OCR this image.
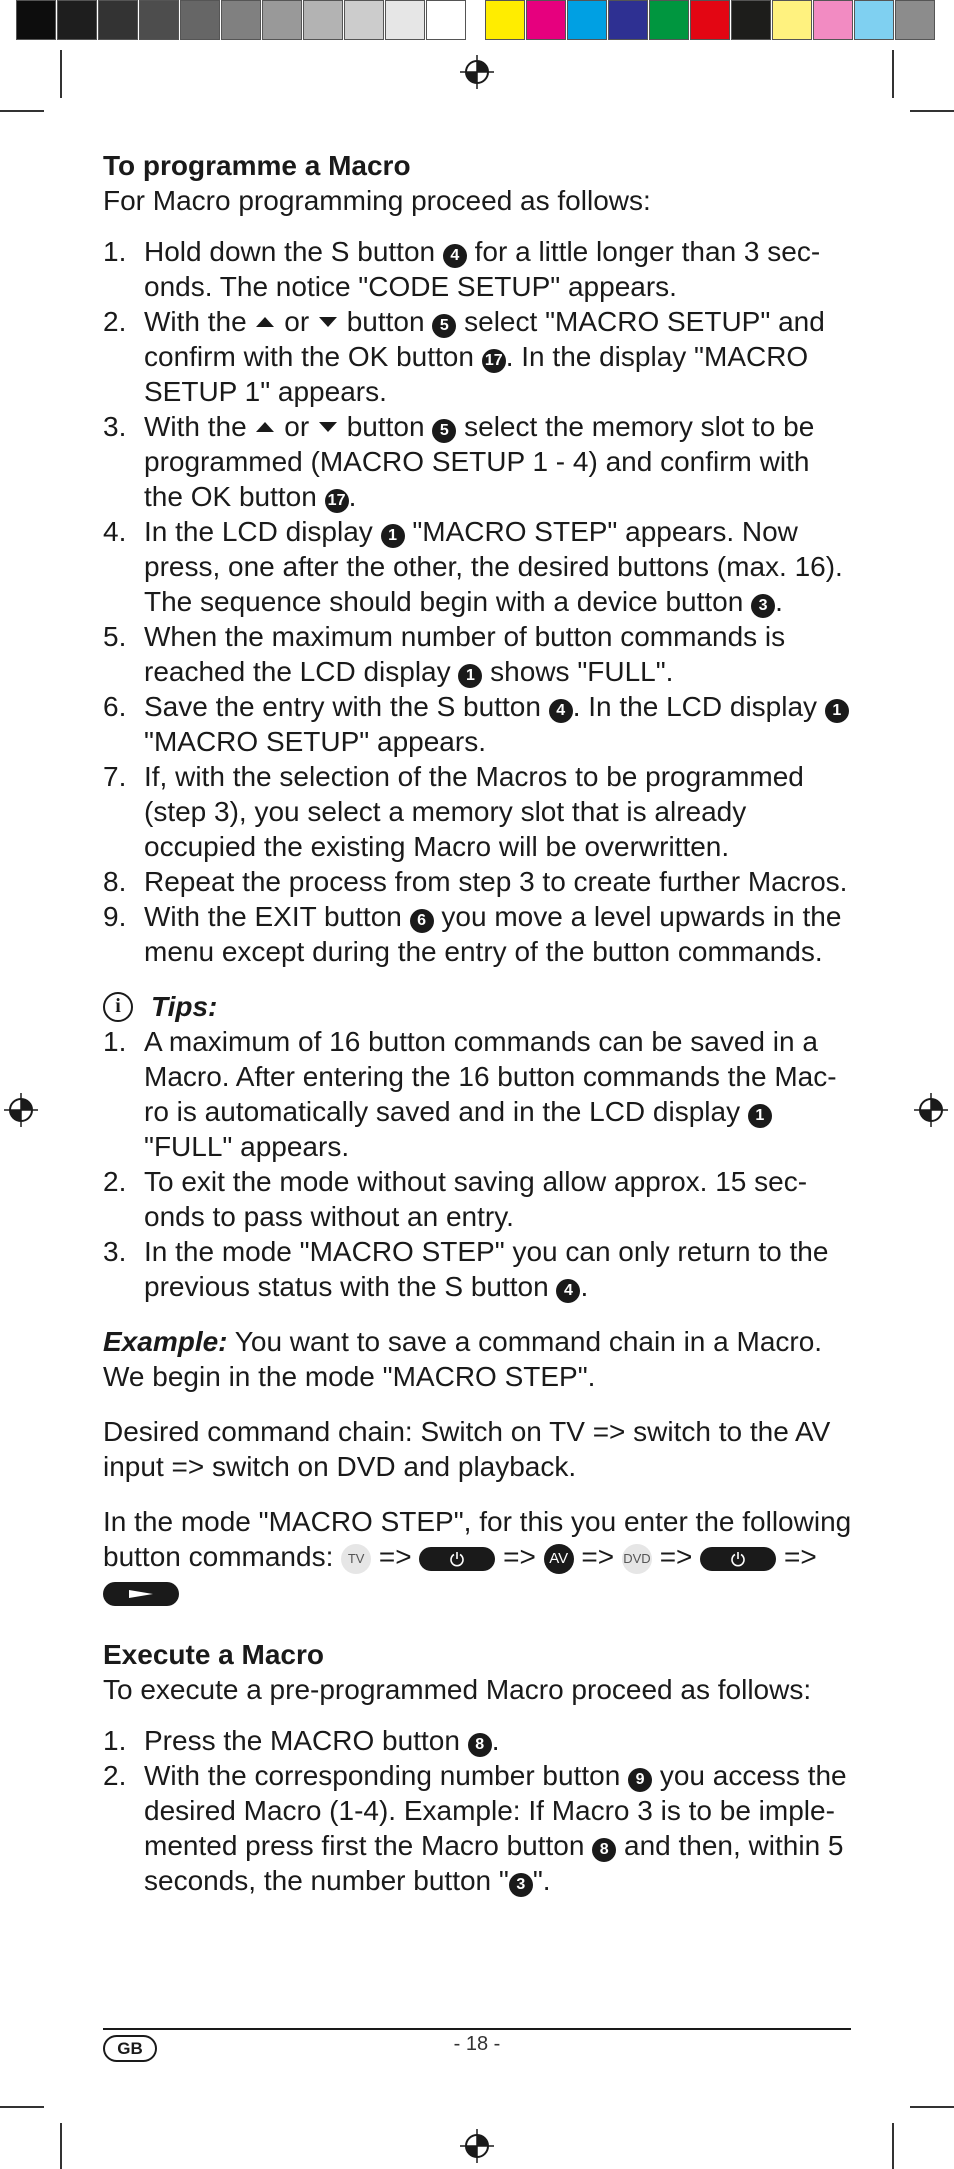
To programme a Macro

For Macro programming proceed as follows:

1. Hold down the S button 4 for a little longer than 3 sec-onds. The notice "CODE SETUP" appears.
2. With the  or  button 5 select "MACRO SETUP" and confirm with the OK button 17 . In the display "MACRO SETUP 1" appears.
3. With the  or  button 5 select the memory slot to be programmed (MACRO SETUP 1 - 4) and confirm with the OK button 17 .
4. In the LCD display 1 "MACRO STEP" appears. Now press, one after the other, the desired buttons (max. 16). The sequence should begin with a device button 3 .
5. When the maximum number of button commands is reached the LCD display 1 shows "FULL".
6. Save the entry with the S button 4 . In the LCD display 1 "MACRO SETUP" appears.
7. If, with the selection of the Macros to be programmed (step 3), you select a memory slot that is already occupied the existing Macro will be overwritten.
8. Repeat the process from step 3 to create further Macros.
9. With the EXIT button 6 you move a level upwards in the menu except during the entry of the button commands.
i	Tips:
1. A maximum of 16 button commands can be saved in a Macro. After entering the 16 button commands the Mac-ro is automatically saved and in the LCD display 1 "FULL" appears.
2. To exit the mode without saving allow approx. 15 sec-onds to pass without an entry.
3. In the mode "MACRO STEP" you can only return to the previous status with the S button 4 .

Example: You want to save a command chain in a Macro. We begin in the mode "MACRO STEP".

Desired command chain: Switch on TV => switch to the AV input => switch on DVD and playback.

In the mode "MACRO STEP", for this you enter the following button commands: TV =>	=> AV => DVD =>	=>

Execute a Macro

To execute a pre-programmed Macro proceed as follows:

1. Press the MACRO button 8 .
2. With the corresponding number button 9 you access the desired Macro (1-4). Example: If Macro 3 is to be imple-mented press first the Macro button 8 and then, within 5 seconds, the number button " 3 ".
GB	- 18 -
